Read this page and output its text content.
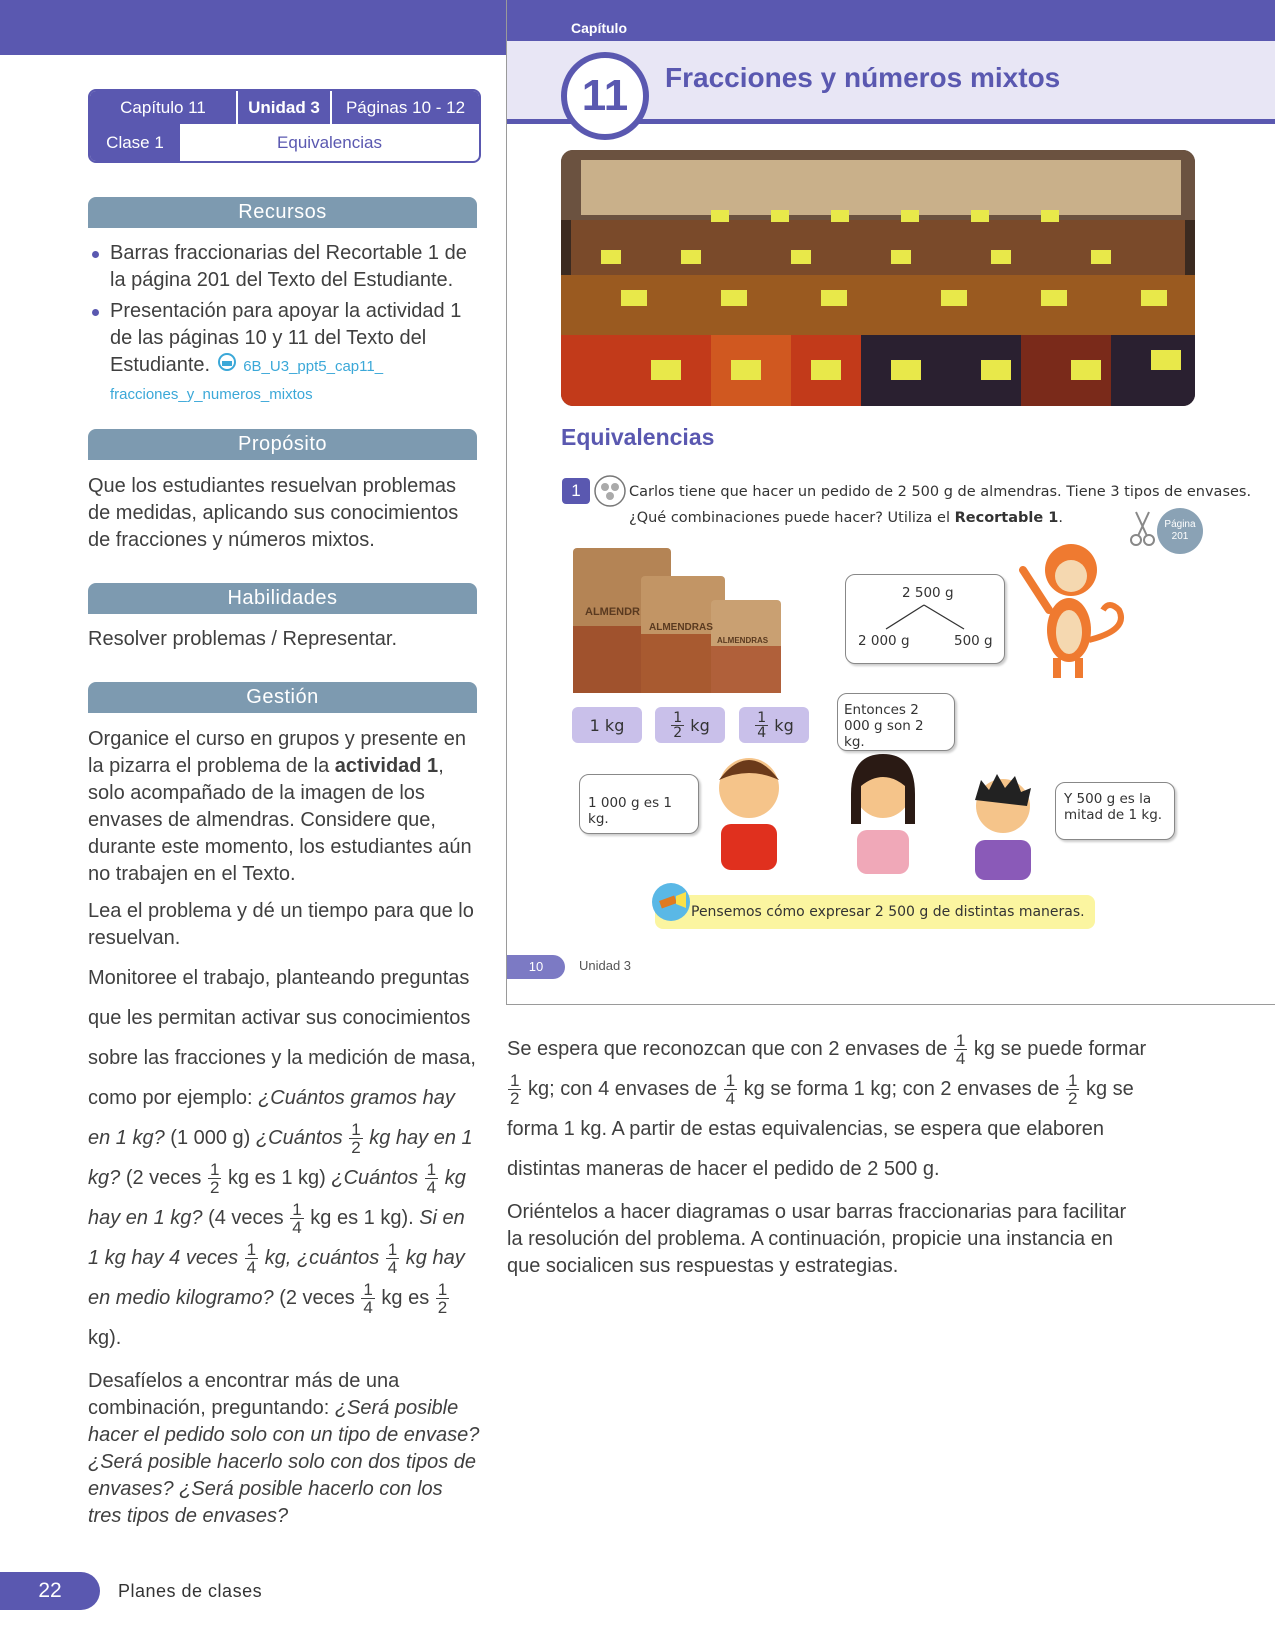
Capítulo 11	Unidad 3	Páginas 10 - 12
Clase 1	Equivalencias
Recursos
Barras fraccionarias del Recortable 1 de la página 201 del Texto del Estudiante.
Presentación para apoyar la actividad 1 de las páginas 10 y 11 del Texto del Estudiante. 6B_U3_ppt5_cap11_ fracciones_y_numeros_mixtos
Propósito

Que los estudiantes resuelvan problemas de medidas, aplicando sus conocimientos de fracciones y números mixtos.

Habilidades

Resolver problemas / Representar.

Gestión

Organice el curso en grupos y presente en la pizarra el problema de la actividad 1, solo acompañado de la imagen de los envases de almendras. Considere que, durante este momento, los estudiantes aún no trabajen en el Texto.

Lea el problema y dé un tiempo para que lo resuelvan.

Monitoree el trabajo, planteando preguntas que les permitan activar sus conocimientos sobre las fracciones y la medición de masa, como por ejemplo: ¿Cuántos gramos hay en 1 kg? (1 000 g) ¿Cuántos $\frac{1}{2}$ kg hay en 1 kg? (2 veces $\frac{1}{2}$ kg es 1 kg) ¿Cuántos $\frac{1}{4}$ kg hay en 1 kg? (4 veces $\frac{1}{4}$ kg es 1 kg). Si en 1 kg hay 4 veces $\frac{1}{4}$ kg, ¿cuántos $\frac{1}{4}$ kg hay en medio kilogramo? (2 veces $\frac{1}{4}$ kg es $\frac{1}{2}$
kg).

Desafíelos a encontrar más de una combinación, preguntando: ¿Será posible hacer el pedido solo con un tipo de envase? ¿Será posible hacerlo solo con dos tipos de envases? ¿Será posible hacerlo con los tres tipos de envases?

Capítulo
11	Fracciones y números mixtos
Equivalencias
1	Carlos tiene que hacer un pedido de 2 500 g de almendras. Tiene 3 tipos de envases.
¿Qué combinaciones puede hacer? Utiliza el Recortable 1.	Página
201
ALMENDR
ALMENDRAS
ALMENDRAS
1 kg	1
2
kg	1
4
kg
2 500 g
2 000 g	500 g
Entonces 2 000 g son 2 kg.
1 000 g es 1 kg.
Y 500 g es la mitad de 1 kg.
Pensemos cómo expresar 2 500 g de distintas maneras.
10	Unidad 3

Se espera que reconozcan que con 2 envases de $\frac{1}{4}$ kg se puede formar
$\frac{1}{2}$ kg; con 4 envases de $\frac{1}{4}$ kg se forma 1 kg; con 2 envases de $\frac{1}{2}$ kg se forma 1 kg. A partir de estas equivalencias, se espera que elaboren distintas maneras de hacer el pedido de 2 500 g.

Oriéntelos a hacer diagramas o usar barras fraccionarias para facilitar la resolución del problema. A continuación, propicie una instancia en que socialicen sus respuestas y estrategias.

22	Planes de clases
